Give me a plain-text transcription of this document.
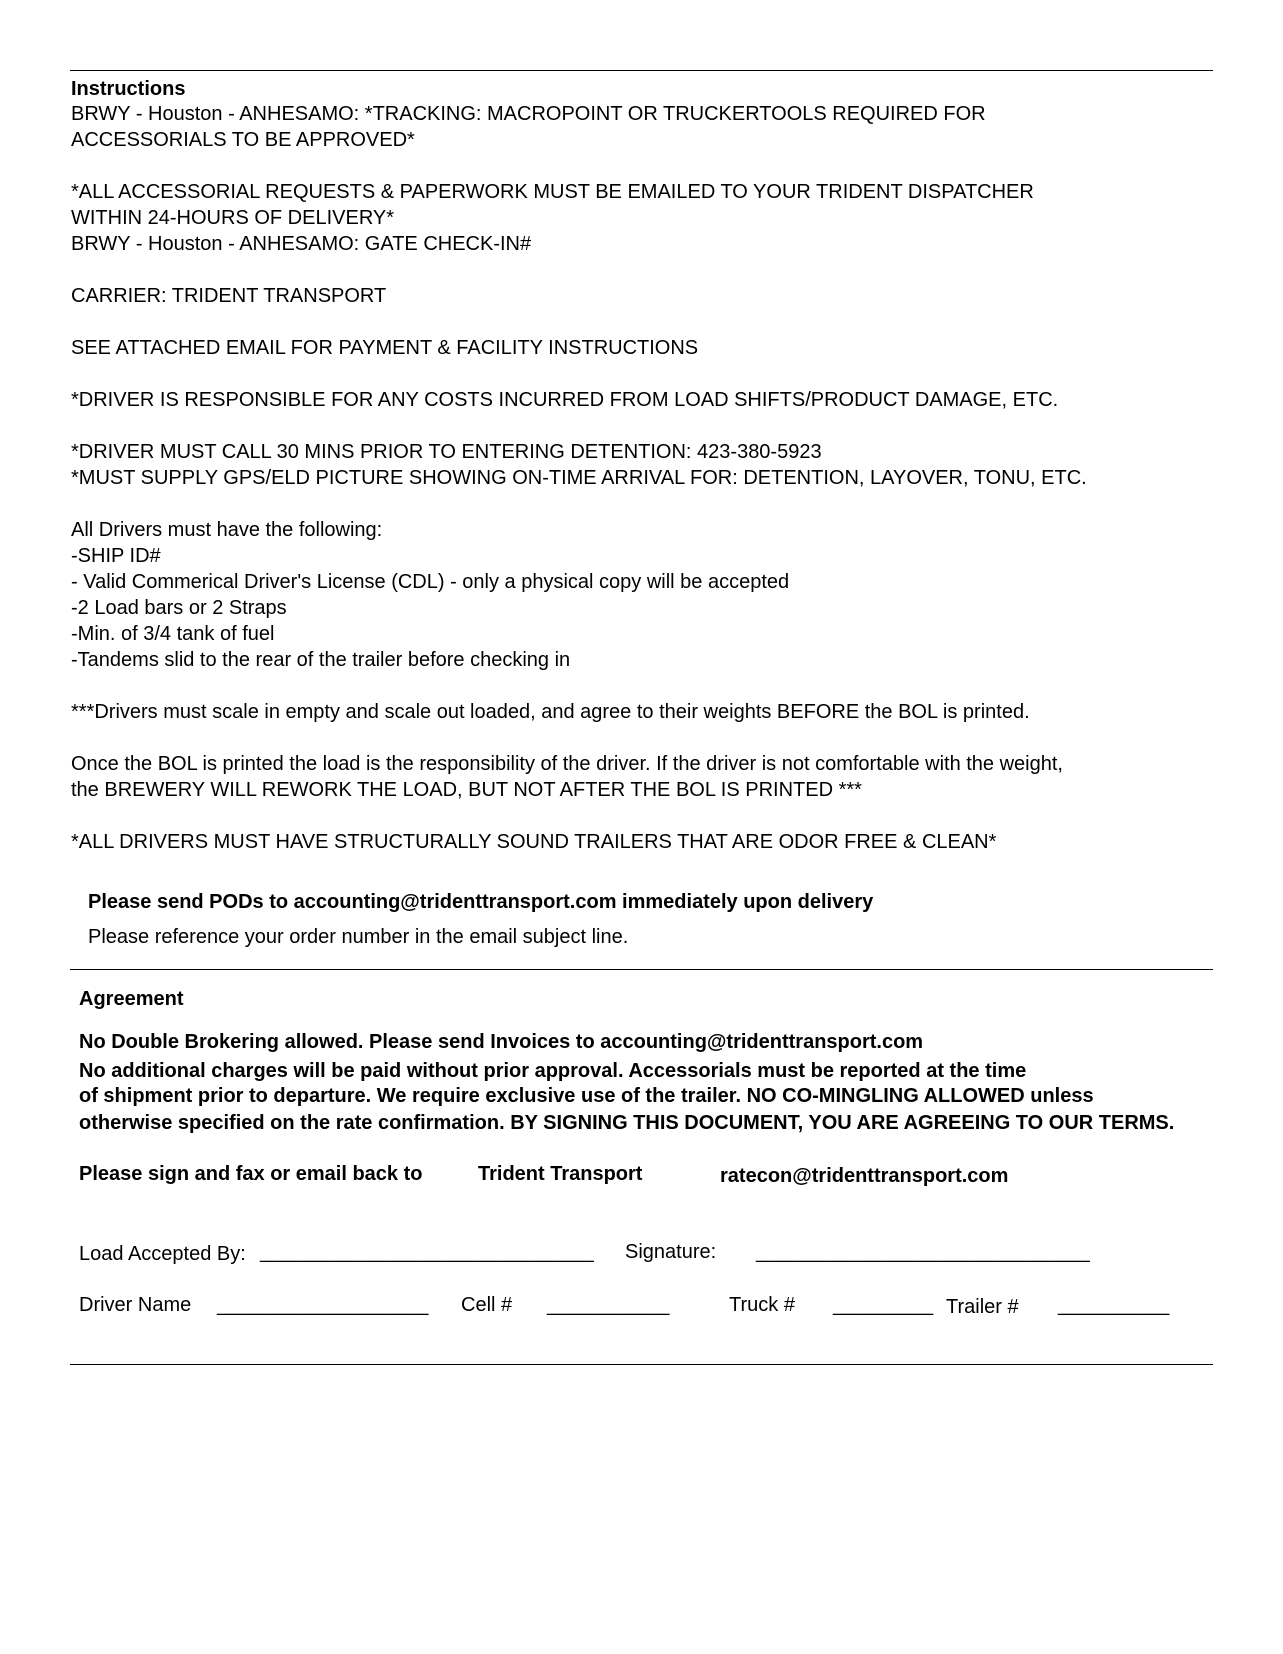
Instructions
BRWY - Houston - ANHESAMO: *TRACKING: MACROPOINT OR TRUCKERTOOLS REQUIRED FOR
ACCESSORIALS TO BE APPROVED*
*ALL ACCESSORIAL REQUESTS & PAPERWORK MUST BE EMAILED TO YOUR TRIDENT DISPATCHER
WITHIN 24-HOURS OF DELIVERY*
BRWY - Houston - ANHESAMO: GATE CHECK-IN#
CARRIER: TRIDENT TRANSPORT
SEE ATTACHED EMAIL FOR PAYMENT & FACILITY INSTRUCTIONS
*DRIVER IS RESPONSIBLE FOR ANY COSTS INCURRED FROM LOAD SHIFTS/PRODUCT DAMAGE, ETC.
*DRIVER MUST CALL 30 MINS PRIOR TO ENTERING DETENTION: 423-380-5923
*MUST SUPPLY GPS/ELD PICTURE SHOWING ON-TIME ARRIVAL FOR: DETENTION, LAYOVER, TONU, ETC.
All Drivers must have the following:
-SHIP ID#
- Valid Commerical Driver's License (CDL) - only a physical copy will be accepted
-2 Load bars or 2 Straps
-Min. of 3/4 tank of fuel
-Tandems slid to the rear of the trailer before checking in
***Drivers must scale in empty and scale out loaded, and agree to their weights BEFORE the BOL is printed.
Once the BOL is printed the load is the responsibility of the driver. If the driver is not comfortable with the weight,
the BREWERY WILL REWORK THE LOAD, BUT NOT AFTER THE BOL IS PRINTED ***
*ALL DRIVERS MUST HAVE STRUCTURALLY SOUND TRAILERS THAT ARE ODOR FREE & CLEAN*
Please send PODs to accounting@tridenttransport.com immediately upon delivery
Please reference your order number in the email subject line.
Agreement
No Double Brokering allowed. Please send Invoices to accounting@tridenttransport.com
No additional charges will be paid without prior approval. Accessorials must be reported at the time
of shipment prior to departure. We require exclusive use of the trailer. NO CO-MINGLING ALLOWED unless
otherwise specified on the rate confirmation. BY SIGNING THIS DOCUMENT, YOU ARE AGREEING TO OUR TERMS.
Please sign and fax or email back to	Trident Transport	ratecon@tridenttransport.com
Load Accepted By: ______________________________ Signature: ______________________________
Driver Name ___________________ Cell # ___________	Truck # _________ Trailer # __________
